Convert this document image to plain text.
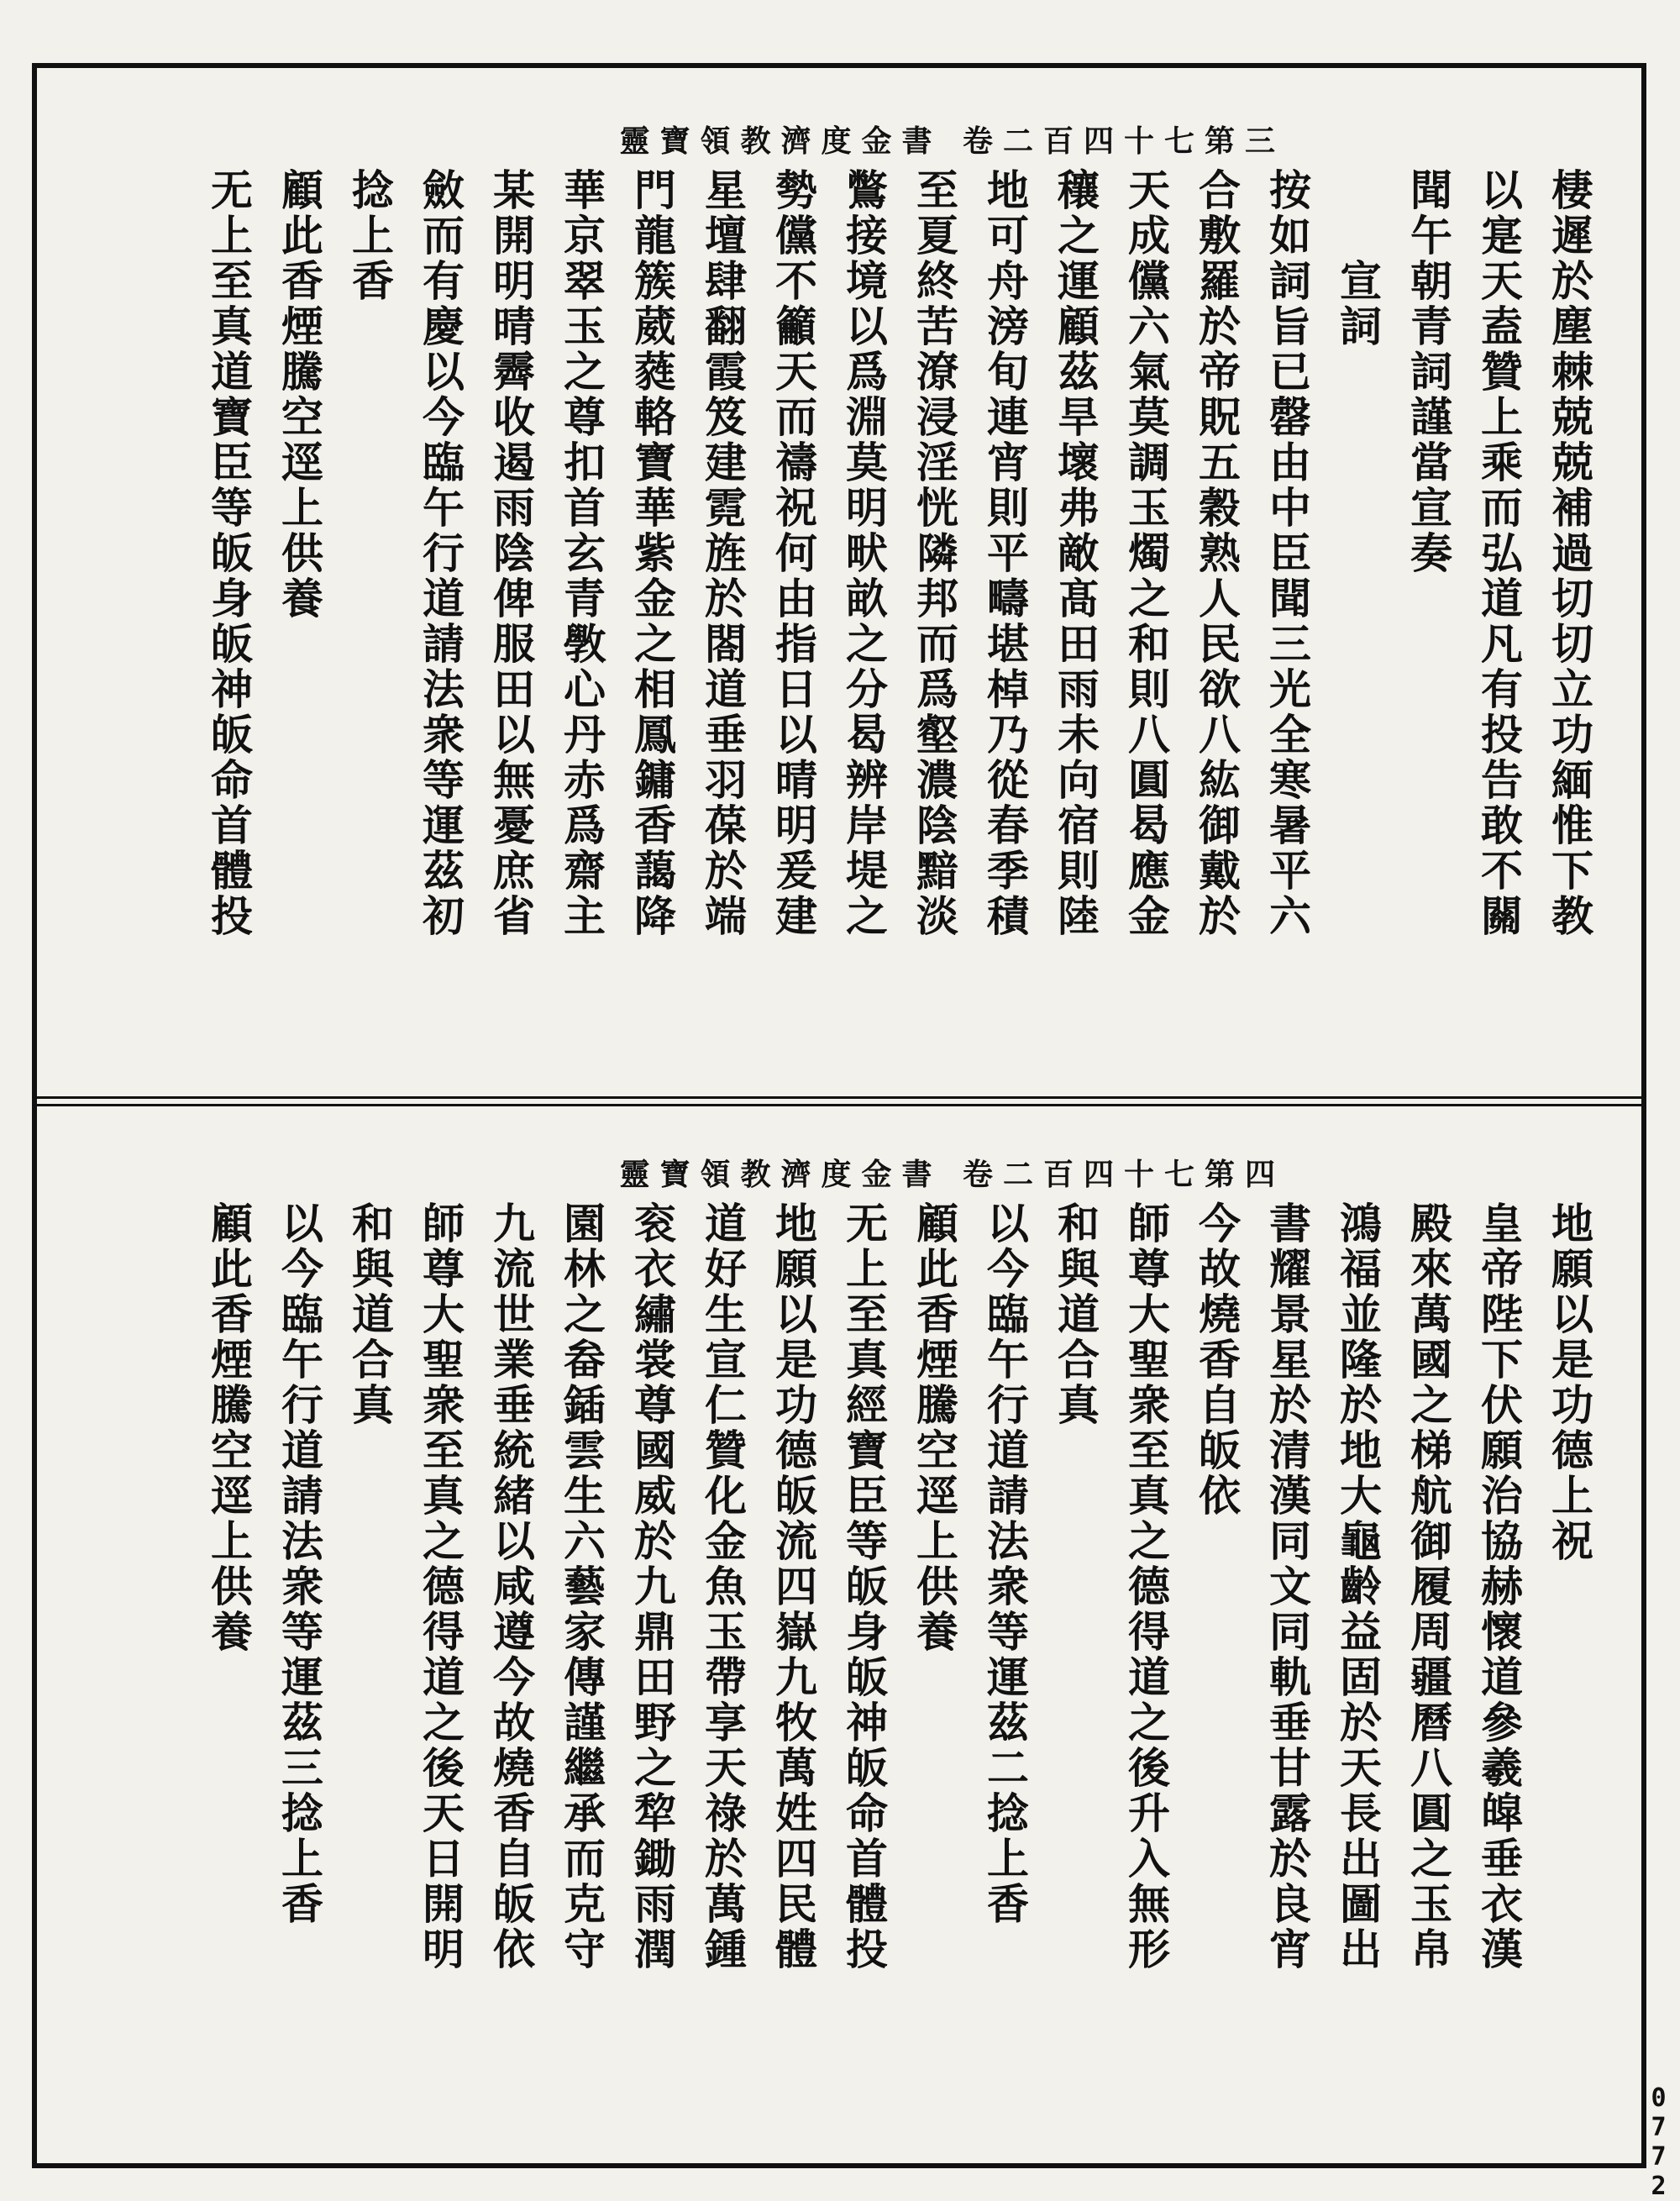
靈寶領教濟度金書 卷二百四十七第三
棲遲於塵棘兢兢補過切切立功緬惟下教
以寔天盍贊上乘而弘道凡有投告敢不關
聞午朝青詞謹當宣奏
　　宣詞
按如詞旨已罄由中臣聞三光全寒暑平六
合敷羅於帝貺五穀熟人民欲八紘御戴於
天成儻六氣莫調玉燭之和則八圓曷應金
穰之運顧茲旱壞弗敵髙田雨未向宿則陸
地可舟滂旬連宵則平疇堪棹乃從春季積
至夏終苦潦浸淫恍隣邦而爲壑濃陰黯淡
鷩接境以爲淵莫明畎畝之分曷辨岸堤之
勢儻不籲天而禱祝何由指日以晴明爰建
星壇肆翻霞笈建霓旌於閤道垂羽葆於端
門龍簇葳蕤輅寶華紫金之相鳳鏞香藹降
華京翠玉之尊扣首玄青斆心丹赤爲齋主
某開明晴霽收遏雨陰俾服田以無憂庶省
斂而有慶以今臨午行道請法衆等運茲初
捻上香
顧此香煙騰空逕上供養
无上至真道寶臣等皈身皈神皈命首體投
靈寶領教濟度金書 卷二百四十七第四
地願以是功德上祝
皇帝陛下伏願治協赫懷道參羲皡垂衣漢
殿來萬國之梯航御履周疆曆八圓之玉帛
鴻福並隆於地大龜齡益固於天長出圖出
書耀景星於清漢同文同軌垂甘露於良宵
今故燒香自皈依
師尊大聖衆至真之德得道之後升入無形
和與道合真
以今臨午行道請法衆等運茲二捻上香
顧此香煙騰空逕上供養
无上至真經寶臣等皈身皈神皈命首體投
地願以是功德皈流四嶽九牧萬姓四民體
道好生宣仁贊化金魚玉帶享天祿於萬鍾
衮衣繡裳尊國威於九鼎田野之犂鋤雨潤
園林之畚鍤雲生六藝家傳謹繼承而克守
九流世業垂統緒以咸遵今故燒香自皈依
師尊大聖衆至真之德得道之後天日開明
和與道合真
以今臨午行道請法衆等運茲三捻上香
顧此香煙騰空逕上供養
0772
